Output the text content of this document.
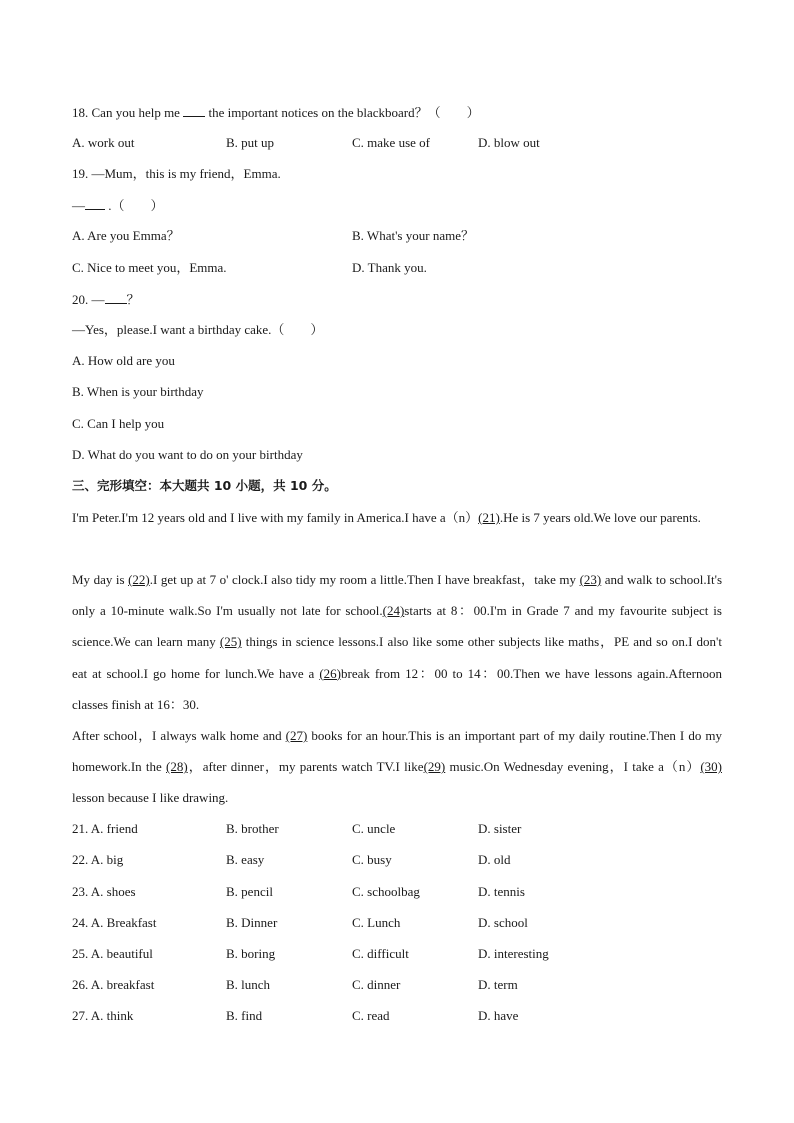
18. Can you help me  the important notices on the blackboard？（　　）
A. work out	B. put up	C. make use of	D. blow out
19. —Mum，this is my friend，Emma.
— .（　　）
A. Are you Emma？	B. What's your name？
C. Nice to meet you，Emma.	D. Thank you.
20. — ？
—Yes，please.I want a birthday cake.（　　）
A. How old are you
B. When is your birthday
C. Can I help you
D. What do you want to do on your birthday
三、完形填空：本大题共 10 小题，共 10 分。
I'm Peter.I'm 12 years old and I live with my family in America.I have a（n）(21).He is 7 years old.We love our parents.
My day is (22).I get up at 7 o' clock.I also tidy my room a little.Then I have breakfast，take my (23) and walk to school.It's only a 10-minute walk.So I'm usually not late for school.(24)starts at 8：00.I'm in Grade 7 and my favourite subject is science.We can learn many (25) things in science lessons.I also like some other subjects like maths，PE and so on.I don't eat at school.I go home for lunch.We have a (26)break from 12：00 to 14：00.Then we have lessons again.Afternoon classes finish at 16：30.
After school，I always walk home and (27) books for an hour.This is an important part of my daily routine.Then I do my homework.In the (28)，after dinner，my parents watch TV.I like(29) music.On Wednesday evening，I take a（n）(30) lesson because I like drawing.
21. A. friend	B. brother	C. uncle	D. sister
22. A. big	B. easy	C. busy	D. old
23. A. shoes	B. pencil	C. schoolbag	D. tennis
24. A. Breakfast	B. Dinner	C. Lunch	D. school
25. A. beautiful	B. boring	C. difficult	D. interesting
26. A. breakfast	B. lunch	C. dinner	D. term
27. A. think	B. find	C. read	D. have
